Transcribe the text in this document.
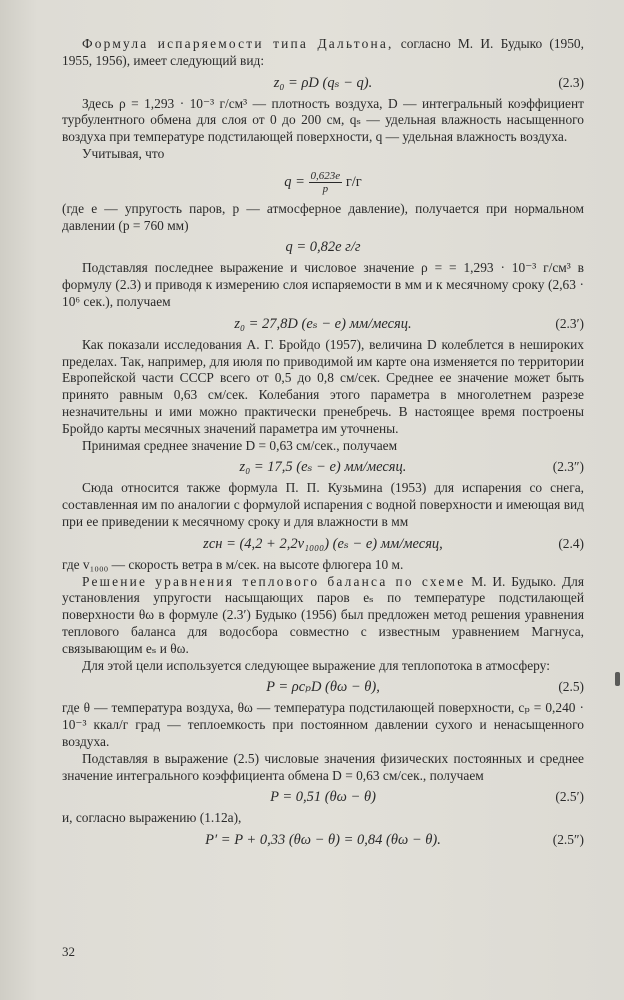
Формула испаряемости типа Дальтона, согласно М. И. Будыко (1950, 1955, 1956), имеет следующий вид:

z₀ = ρD (qₛ − q).	(2.3)

Здесь ρ = 1,293 · 10⁻³ г/см³ — плотность воздуха, D — интегральный коэффициент турбулентного обмена для слоя от 0 до 200 см, qₛ — удельная влажность насыщенного воздуха при температуре подстилающей поверхности, q — удельная влажность воздуха.

Учитывая, что

$q = \frac{0,623e}{p} г/г$

(где e — упругость паров, p — атмосферное давление), получается при нормальном давлении (p = 760 мм)

q = 0,82e г/г

Подставляя последнее выражение и числовое значение ρ = = 1,293 · 10⁻³ г/см³ в формулу (2.3) и приводя к измерению слоя испаряемости в мм и к месячному сроку (2,63 · 10⁶ сек.), получаем

z₀ = 27,8D (eₛ − e) мм/месяц.	(2.3′)

Как показали исследования А. Г. Бройдо (1957), величина D колеблется в неширoких пределах. Так, например, для июля по приводимой им карте она изменяется по территории Европейской части СССР всего от 0,5 до 0,8 см/сек. Среднее ее значение может быть принято равным 0,63 см/сек. Колебания этого параметра в многолетнем разрезе незначительны и ими можно практически пренебречь. В настоящее время построены Бройдо карты месячных значений параметра им уточнены.

Принимая среднее значение D = 0,63 см/сек., получаем

z₀ = 17,5 (eₛ − e) мм/месяц.	(2.3″)

Сюда относится также формула П. П. Кузьмина (1953) для испарения со снега, составленная им по аналогии с формулой испарения с водной поверхности и имеющая вид при ее приведении к месячному сроку и для влажности в мм

zсн = (4,2 + 2,2v₁₀₀₀) (eₛ − e) мм/месяц,	(2.4)

где v₁₀₀₀ — скорость ветра в м/сек. на высоте флюгера 10 м.

Решение уравнения теплового баланса по схеме М. И. Будыко. Для установления упругости насыщающих паров eₛ по температуре подстилающей поверхности θω в формуле (2.3′) Будыко (1956) был предложен метод решения уравнения теплового баланса для водосбора совместно с известным уравнением Магнуса, связывающим eₛ и θω.

Для этой цели используется следующее выражение для теплопотока в атмосферу:

P = ρcₚD (θω − θ),	(2.5)

где θ — температура воздуха, θω — температура подстилающей поверхности, cₚ = 0,240 · 10⁻³ ккал/г град — теплоемкость при постоянном давлении сухого и ненасыщенного воздуха.

Подставляя в выражение (2.5) числовые значения физических постоянных и среднее значение интегрального коэффициента обмена D = 0,63 см/сек., получаем

P = 0,51 (θω − θ)	(2.5′)

и, согласно выражению (1.12a),

P′ = P + 0,33 (θω − θ) = 0,84 (θω − θ).	(2.5″)
32
